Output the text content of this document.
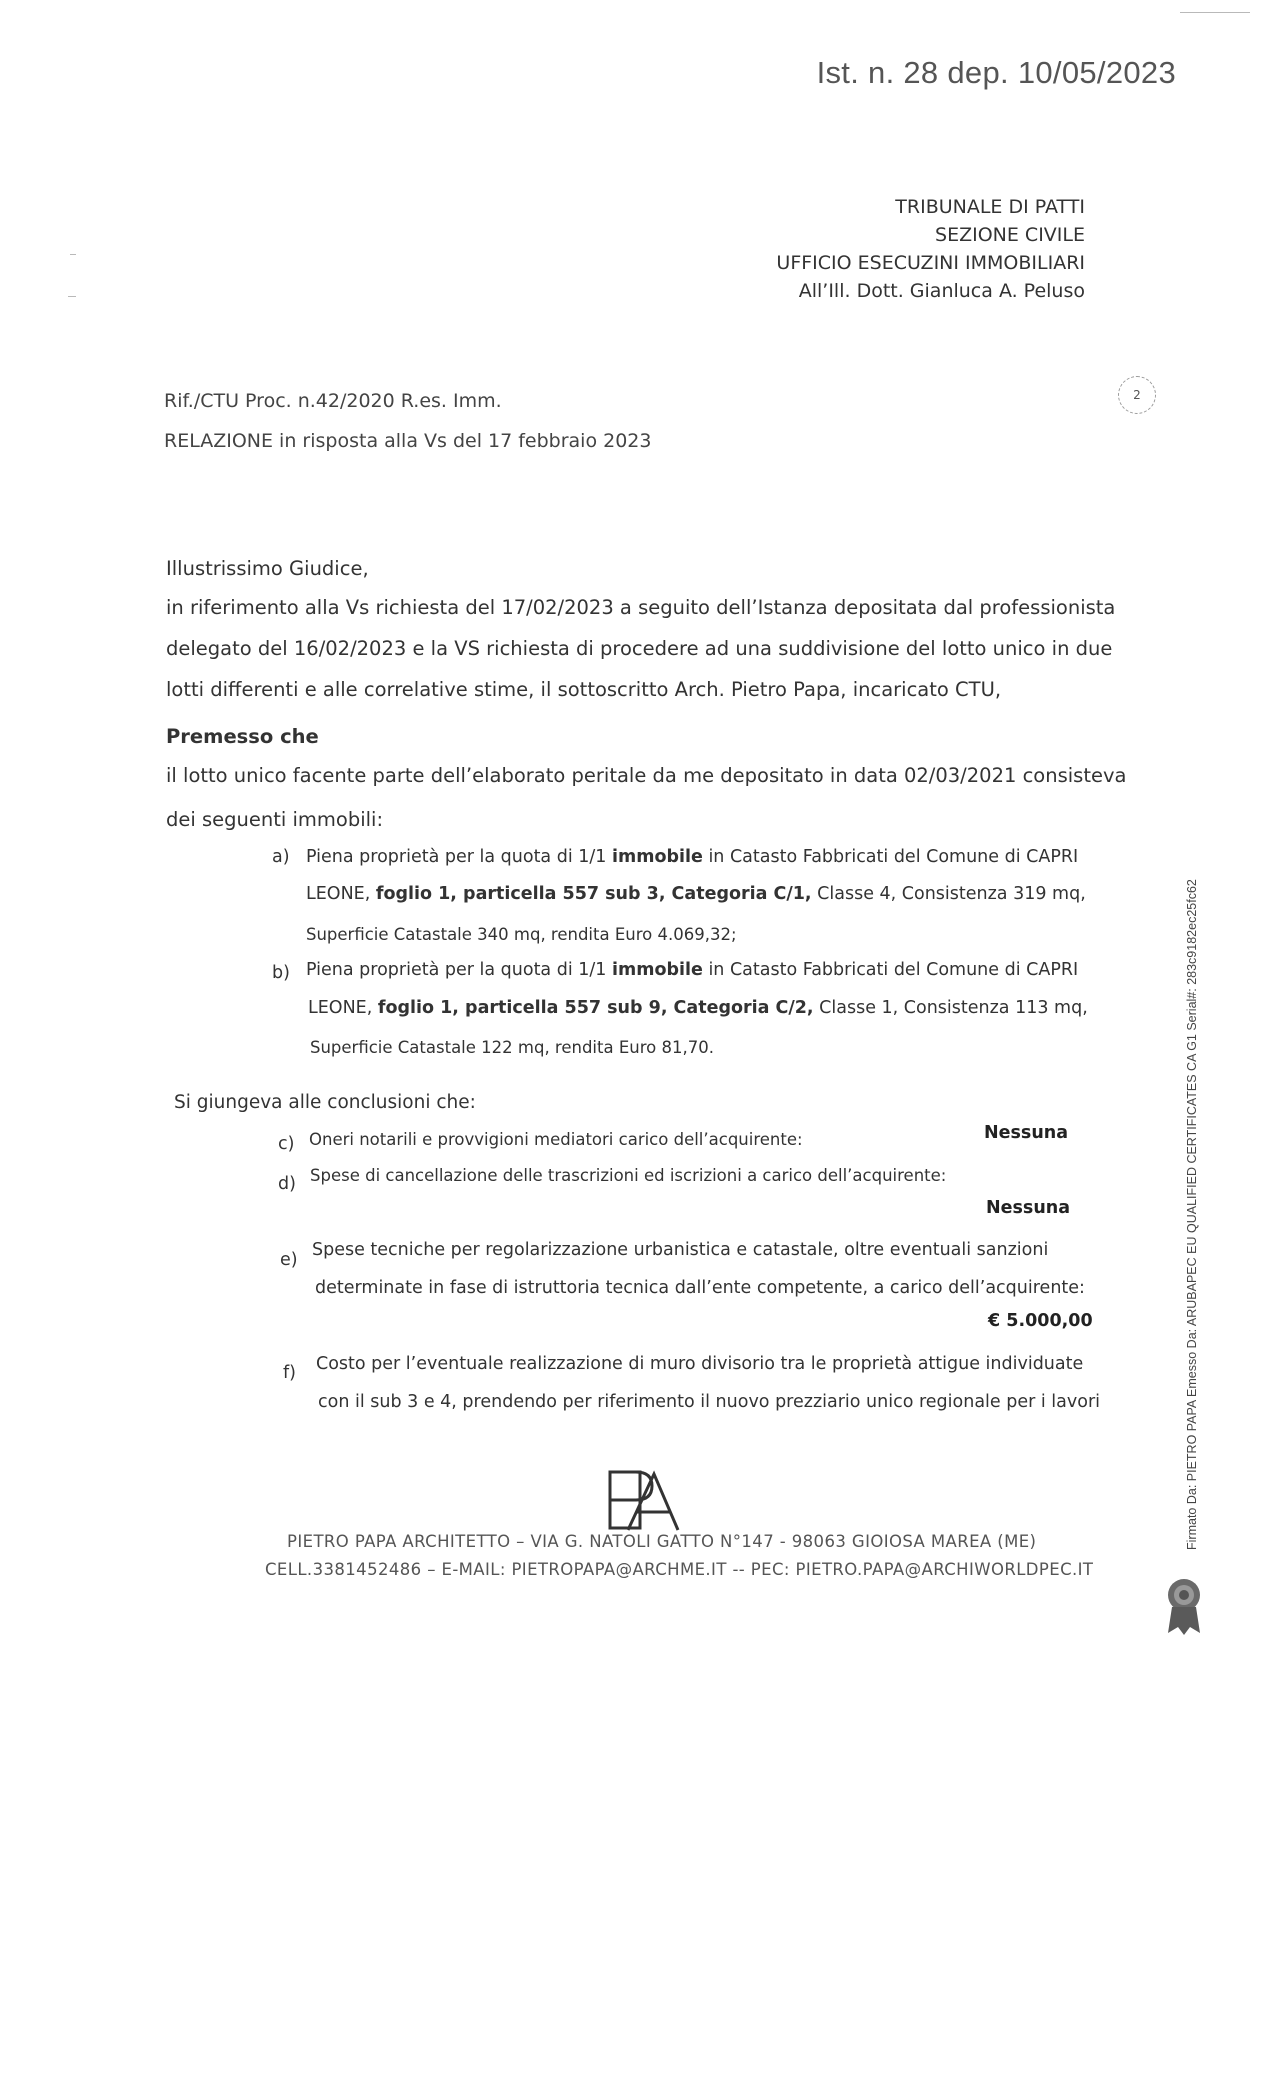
Ist. n. 28 dep. 10/05/2023
TRIBUNALE DI PATTI
SEZIONE CIVILE
UFFICIO ESECUZINI IMMOBILIARI
All’Ill. Dott. Gianluca A. Peluso
2
Rif./CTU Proc. n.42/2020 R.es. Imm.
RELAZIONE in risposta alla Vs del 17 febbraio 2023
Illustrissimo Giudice,
in riferimento alla Vs richiesta del 17/02/2023 a seguito dell’Istanza depositata dal professionista
delegato del 16/02/2023 e la VS richiesta di procedere ad una suddivisione del lotto unico in due
lotti differenti e alle correlative stime, il sottoscritto Arch. Pietro Papa, incaricato CTU,
Premesso che
il lotto unico facente parte dell’elaborato peritale da me depositato in data 02/03/2021 consisteva
dei seguenti immobili:
a) Piena proprietà per la quota di 1/1 immobile in Catasto Fabbricati del Comune di CAPRI
LEONE, foglio 1, particella 557 sub 3, Categoria C/1, Classe 4, Consistenza 319 mq,
Superficie Catastale 340 mq, rendita Euro 4.069,32;
b) Piena proprietà per la quota di 1/1 immobile in Catasto Fabbricati del Comune di CAPRI
LEONE, foglio 1, particella 557 sub 9, Categoria C/2, Classe 1, Consistenza 113 mq,
Superficie Catastale 122 mq, rendita Euro 81,70.
Si giungeva alle conclusioni che:
c) Oneri notarili e provvigioni mediatori carico dell’acquirente:	Nessuna
d) Spese di cancellazione delle trascrizioni ed iscrizioni a carico dell’acquirente:
Nessuna
e) Spese tecniche per regolarizzazione urbanistica e catastale, oltre eventuali sanzioni
determinate in fase di istruttoria tecnica dall’ente competente, a carico dell’acquirente:
€ 5.000,00
f) Costo per l’eventuale realizzazione di muro divisorio tra le proprietà attigue individuate
con il sub 3 e 4, prendendo per riferimento il nuovo prezziario unico regionale per i lavori
PIETRO PAPA ARCHITETTO – VIA G. NATOLI GATTO N°147 - 98063 GIOIOSA MAREA (ME)
CELL.3381452486 – E-MAIL: PIETROPAPA@ARCHME.IT -- PEC: PIETRO.PAPA@ARCHIWORLDPEC.IT
Firmato Da: PIETRO PAPA Emesso Da: ARUBAPEC EU QUALIFIED CERTIFICATES CA G1 Serial#: 283c9182ec25fc62
